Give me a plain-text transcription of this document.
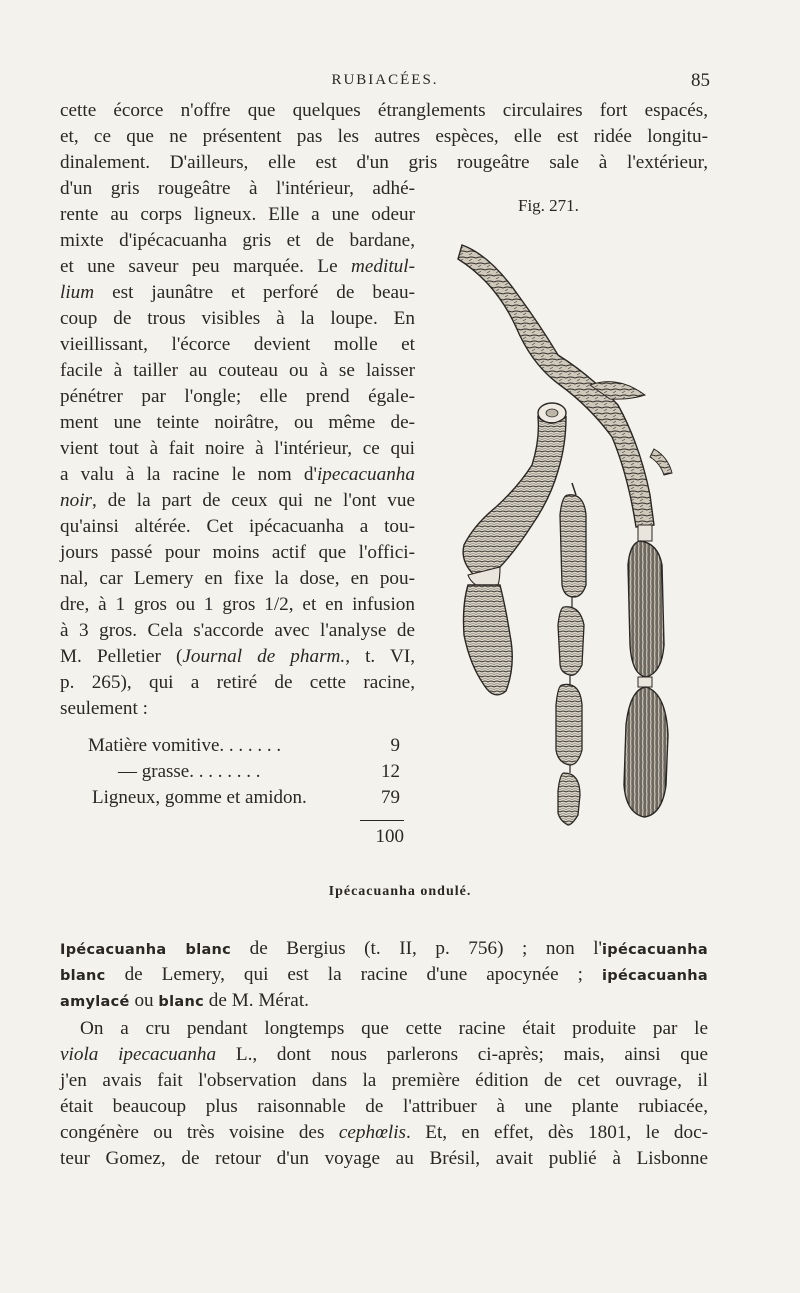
RUBIACÉES.	85
cette écorce n'offre que quelques étranglements circulaires fort espacés,
et, ce que ne présentent pas les autres espèces, elle est ridée longitu-
dinalement. D'ailleurs, elle est d'un gris rougeâtre sale à l'extérieur,
d'un gris rougeâtre à l'intérieur, adhé-
rente au corps ligneux. Elle a une odeur
mixte d'ipécacuanha gris et de bardane,
et une saveur peu marquée. Le meditul-
lium est jaunâtre et perforé de beau-
coup de trous visibles à la loupe. En
vieillissant, l'écorce devient molle et
facile à tailler au couteau ou à se laisser
pénétrer par l'ongle; elle prend égale-
ment une teinte noirâtre, ou même de-
vient tout à fait noire à l'intérieur, ce qui
a valu à la racine le nom d'ipecacuanha
noir, de la part de ceux qui ne l'ont vue
qu'ainsi altérée. Cet ipécacuanha a tou-
jours passé pour moins actif que l'offici-
nal, car Lemery en fixe la dose, en pou-
dre, à 1 gros ou 1 gros 1/2, et en infusion
à 3 gros. Cela s'accorde avec l'analyse de
M. Pelletier (Journal de pharm., t. VI,
p. 265), qui a retiré de cette racine,
seulement :
Fig. 271.
Matière vomitive. . . . . . .	9
— grasse. . . . . . . .	12
Ligneux, gomme et amidon.	79
100
Ipécacuanha ondulé.
Ipécacuanha blanc de Bergius (t. II, p. 756) ; non l'ipécacuanha
blanc de Lemery, qui est la racine d'une apocynée ; ipécacuanha
amylacé ou blanc de M. Mérat.
On a cru pendant longtemps que cette racine était produite par le
viola ipecacuanha L., dont nous parlerons ci-après; mais, ainsi que
j'en avais fait l'observation dans la première édition de cet ouvrage, il
était beaucoup plus raisonnable de l'attribuer à une plante rubiacée,
congénère ou très voisine des cephœlis. Et, en effet, dès 1801, le doc-
teur Gomez, de retour d'un voyage au Brésil, avait publié à Lisbonne
